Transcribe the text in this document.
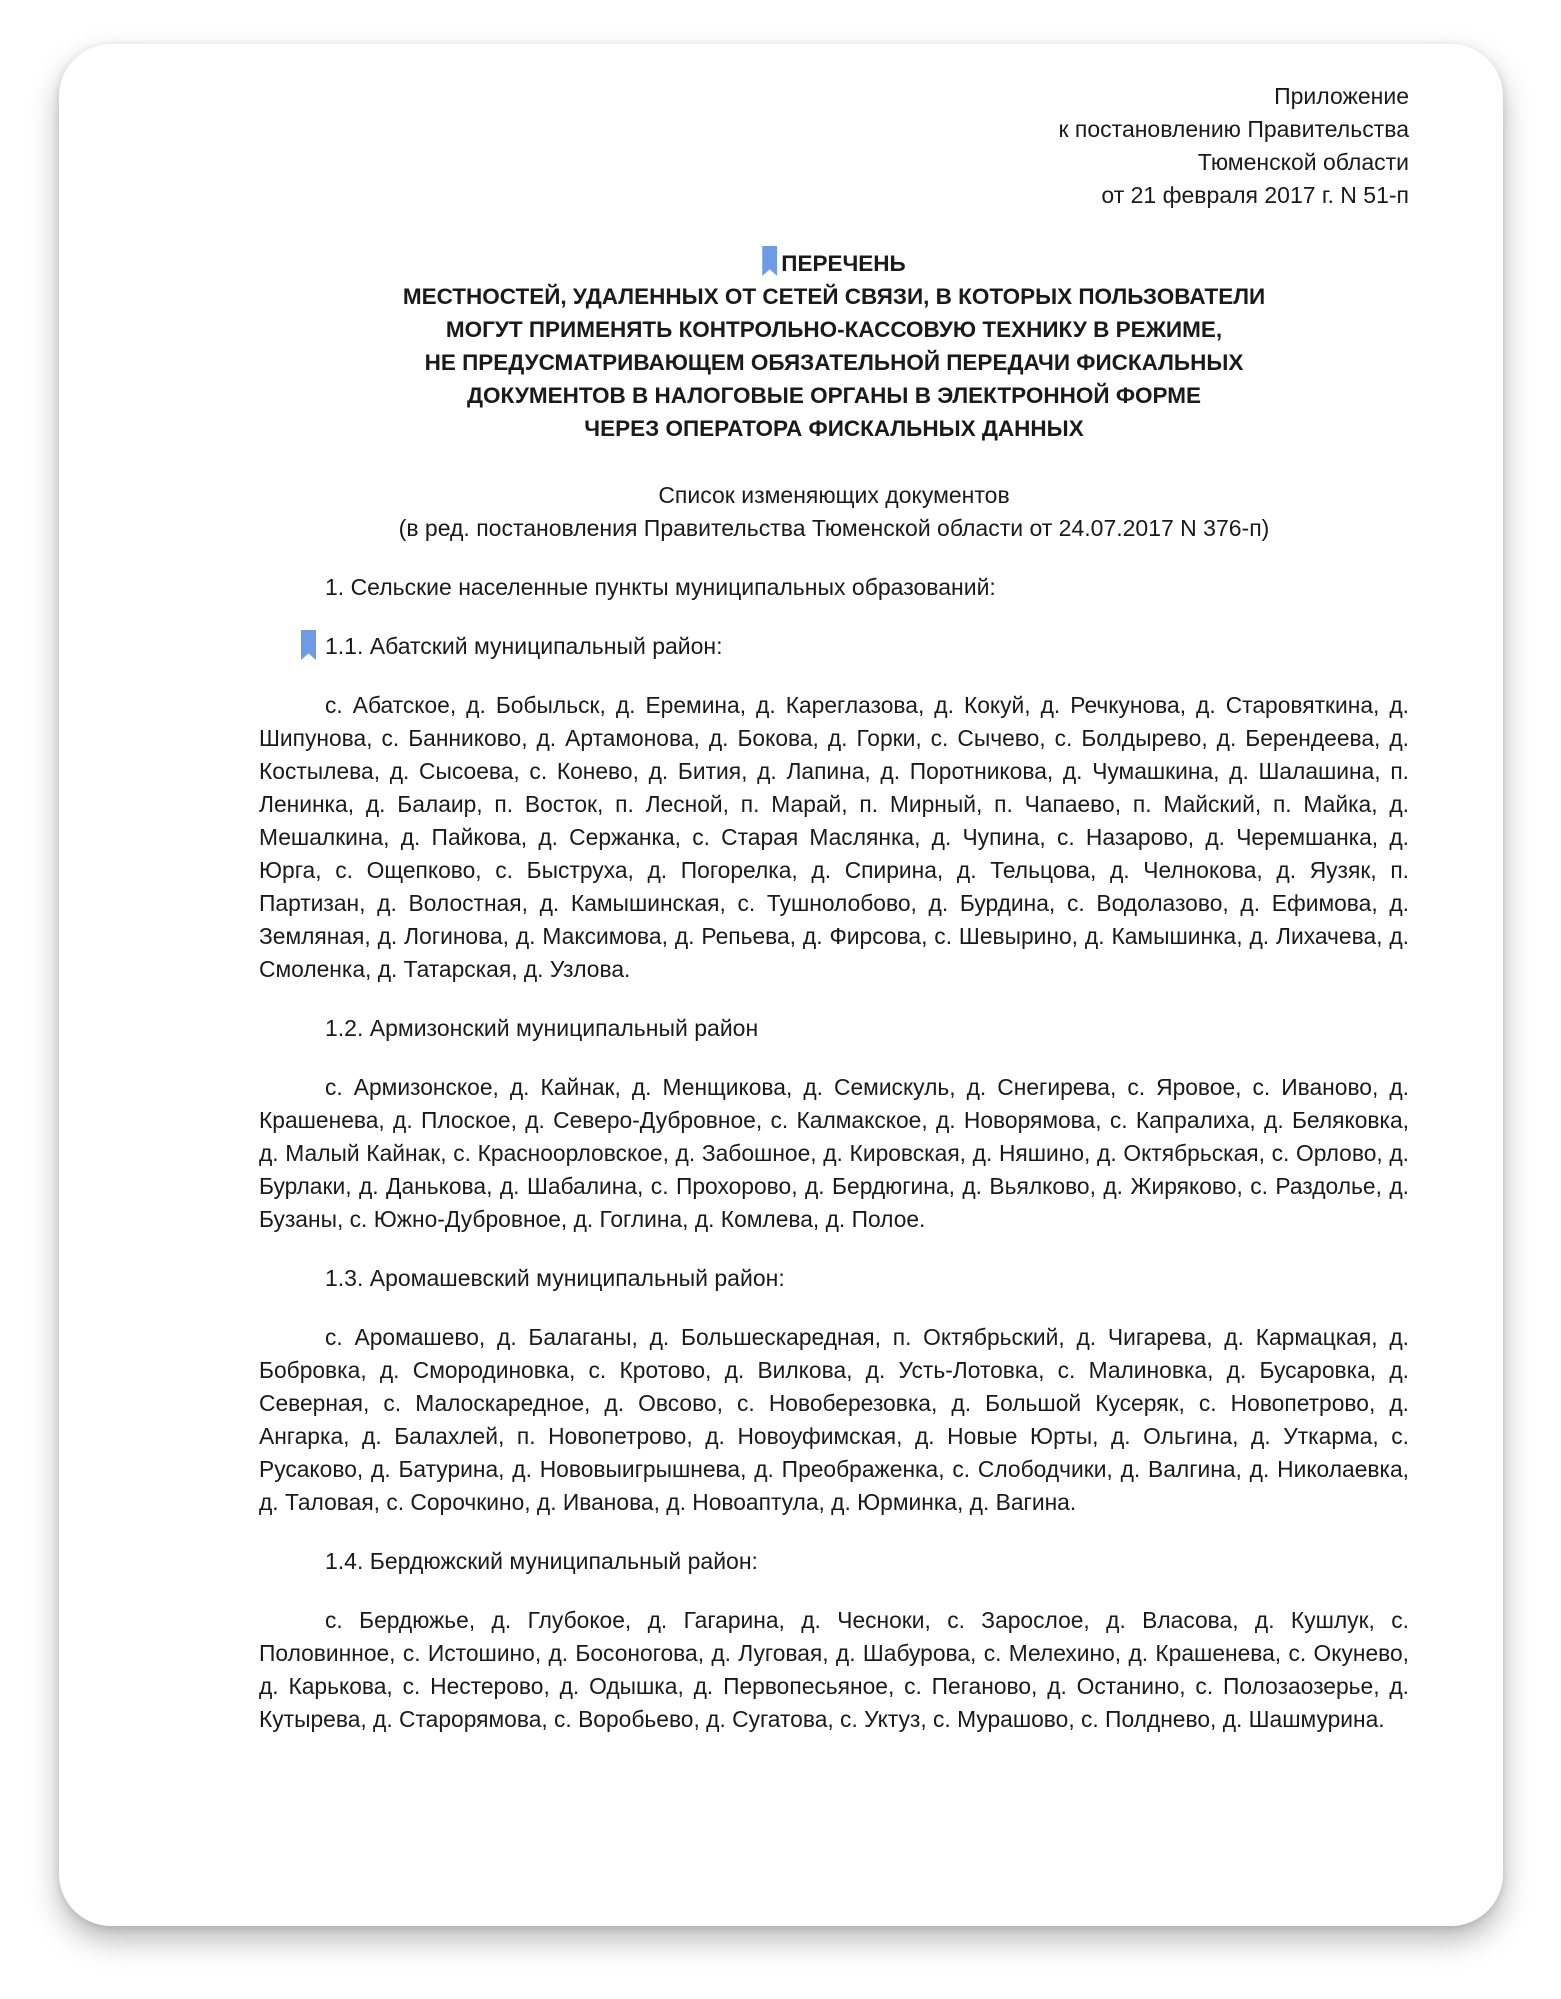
Приложение
к постановлению Правительства
Тюменской области
от 21 февраля 2017 г. N 51-п
ПЕРЕЧЕНЬ
МЕСТНОСТЕЙ, УДАЛЕННЫХ ОТ СЕТЕЙ СВЯЗИ, В КОТОРЫХ ПОЛЬЗОВАТЕЛИ
МОГУТ ПРИМЕНЯТЬ КОНТРОЛЬНО-КАССОВУЮ ТЕХНИКУ В РЕЖИМЕ,
НЕ ПРЕДУСМАТРИВАЮЩЕМ ОБЯЗАТЕЛЬНОЙ ПЕРЕДАЧИ ФИСКАЛЬНЫХ
ДОКУМЕНТОВ В НАЛОГОВЫЕ ОРГАНЫ В ЭЛЕКТРОННОЙ ФОРМЕ
ЧЕРЕЗ ОПЕРАТОРА ФИСКАЛЬНЫХ ДАННЫХ
Список изменяющих документов
(в ред. постановления Правительства Тюменской области от 24.07.2017 N 376-п)
1. Сельские населенные пункты муниципальных образований:
1.1. Абатский муниципальный район:
с. Абатское, д. Бобыльск, д. Еремина, д. Кареглазова, д. Кокуй, д. Речкунова, д. Старовяткина, д. Шипунова, с. Банниково, д. Артамонова, д. Бокова, д. Горки, с. Сычево, с. Болдырево, д. Берендеева, д. Костылева, д. Сысоева, с. Конево, д. Бития, д. Лапина, д. Поротникова, д. Чумашкина, д. Шалашина, п. Ленинка, д. Балаир, п. Восток, п. Лесной, п. Марай, п. Мирный, п. Чапаево, п. Майский, п. Майка, д. Мешалкина, д. Пайкова, д. Сержанка, с. Старая Маслянка, д. Чупина, с. Назарово, д. Черемшанка, д. Юрга, с. Ощепково, с. Быструха, д. Погорелка, д. Спирина, д. Тельцова, д. Челнокова, д. Яузяк, п. Партизан, д. Волостная, д. Камышинская, с. Тушнолобово, д. Бурдина, с. Водолазово, д. Ефимова, д. Земляная, д. Логинова, д. Максимова, д. Репьева, д. Фирсова, с. Шевырино, д. Камышинка, д. Лихачева, д. Смоленка, д. Татарская, д. Узлова.
1.2. Армизонский муниципальный район
с. Армизонское, д. Кайнак, д. Менщикова, д. Семискуль, д. Снегирева, с. Яровое, с. Иваново, д. Крашенева, д. Плоское, д. Северо-Дубровное, с. Калмакское, д. Новорямова, с. Капралиха, д. Беляковка, д. Малый Кайнак, с. Красноорловское, д. Забошное, д. Кировская, д. Няшино, д. Октябрьская, с. Орлово, д. Бурлаки, д. Данькова, д. Шабалина, с. Прохорово, д. Бердюгина, д. Вьялково, д. Жиряково, с. Раздолье, д. Бузаны, с. Южно-Дубровное, д. Гоглина, д. Комлева, д. Полое.
1.3. Аромашевский муниципальный район:
с. Аромашево, д. Балаганы, д. Большескаредная, п. Октябрьский, д. Чигарева, д. Кармацкая, д. Бобровка, д. Смородиновка, с. Кротово, д. Вилкова, д. Усть-Лотовка, с. Малиновка, д. Бусаровка, д. Северная, с. Малоскаредное, д. Овсово, с. Новоберезовка, д. Большой Кусеряк, с. Новопетрово, д. Ангарка, д. Балахлей, п. Новопетрово, д. Новоуфимская, д. Новые Юрты, д. Ольгина, д. Уткарма, с. Русаково, д. Батурина, д. Нововыигрышнева, д. Преображенка, с. Слободчики, д. Валгина, д. Николаевка, д. Таловая, с. Сорочкино, д. Иванова, д. Новоаптула, д. Юрминка, д. Вагина.
1.4. Бердюжский муниципальный район:
с. Бердюжье, д. Глубокое, д. Гагарина, д. Чесноки, с. Зарослое, д. Власова, д. Кушлук, с. Половинное, с. Истошино, д. Босоногова, д. Луговая, д. Шабурова, с. Мелехино, д. Крашенева, с. Окунево, д. Карькова, с. Нестерово, д. Одышка, д. Первопесьяное, с. Пеганово, д. Останино, с. Полозаозерье, д. Кутырева, д. Старорямова, с. Воробьево, д. Сугатова, с. Уктуз, с. Мурашово, с. Полднево, д. Шашмурина.
